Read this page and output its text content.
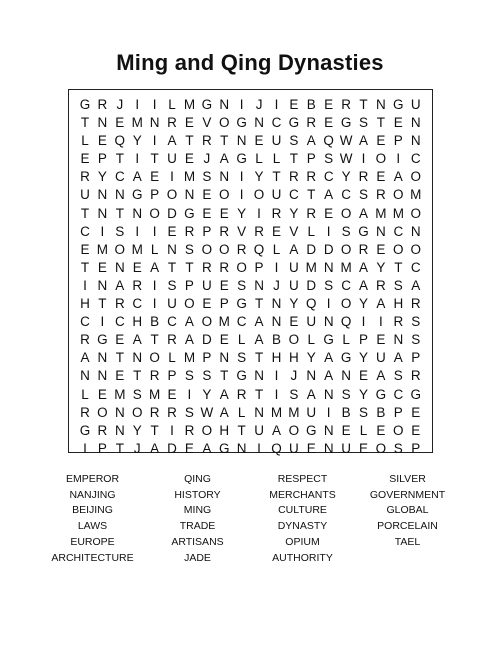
Ming and Qing Dynasties
G R J I	I L M G N I J I E B E R T N G U
T N E M N R E V O G N C G R E G S T E N
L E Q Y I A T R T N E U S A Q W A E P N
E P T I T U E J A G L L T P S W I O I C
R Y C A E I M S N I Y T R R C Y R E A O
U N N G P O N E O I O U C T A C S R O M
T N T N O D G E E Y I R Y R E O A M M O
C I S I	I E R P R V R E V L I S G N C N
E M O M L N S O O R Q L A D D O R E O O
T E N E A T T R R O P I U M N M A Y T C
I N A R I S P U E S N J U D S C A R S A
H T R C I U O E P G T N Y Q I O Y A H R
C I C H B C A O M C A N E U N Q I	I R S
R G E A T R A D E L A B O L G L P E N S
A N T N O L M P N S T H H Y A G Y U A P
N N E T R P S S T G N I J N A N E A S R
L E M S M E I Y A R T I S A N S Y G C G
R O N O R R S W A L N M M U I B S B P E
G R N Y T I R O H T U A O G N E L E O E
I P T J A D E A G N I Q U E N U E O S P
EMPEROR
NANJING
BEIJING
LAWS
EUROPE
ARCHITECTURE
QING
HISTORY
MING
TRADE
ARTISANS
JADE
RESPECT
MERCHANTS
CULTURE
DYNASTY
OPIUM
AUTHORITY
SILVER
GOVERNMENT
GLOBAL
PORCELAIN
TAEL
